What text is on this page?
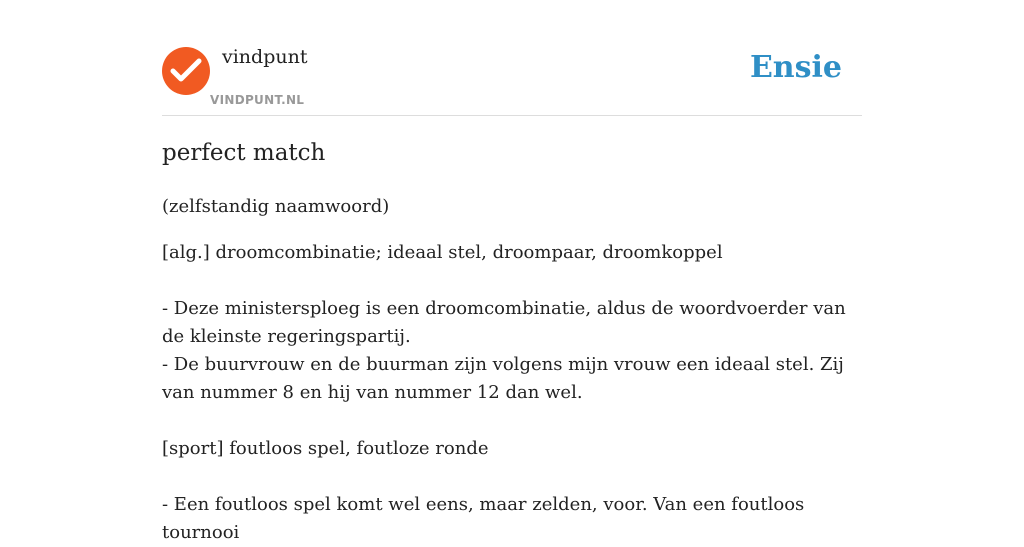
vindpunt
VINDPUNT.NL
Ensie
perfect match

(zelfstandig naamwoord)

[alg.] droomcombinatie; ideaal stel, droompaar, droomkoppel

- Deze ministersploeg is een droomcombinatie, aldus de woordvoerder van de kleinste regeringspartij.

- De buurvrouw en de buurman zijn volgens mijn vrouw een ideaal stel. Zij van nummer 8 en hij van nummer 12 dan wel.

[sport] foutloos spel, foutloze ronde

- Een foutloos spel komt wel eens, maar zelden, voor. Van een foutloos tournooi
